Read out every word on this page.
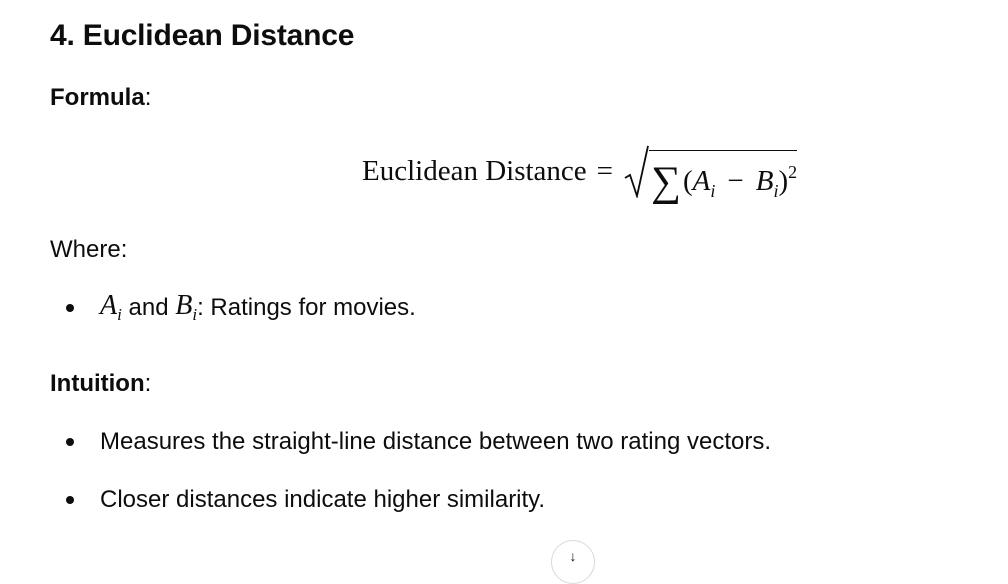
4. Euclidean Distance
Formula:
Euclidean Distance = ∑ ( A i − B i ) 2
Where:
$A_i$ and $B_i$ : Ratings for movies.
Intuition:
Measures the straight-line distance between two rating vectors.
Closer distances indicate higher similarity.
↓
